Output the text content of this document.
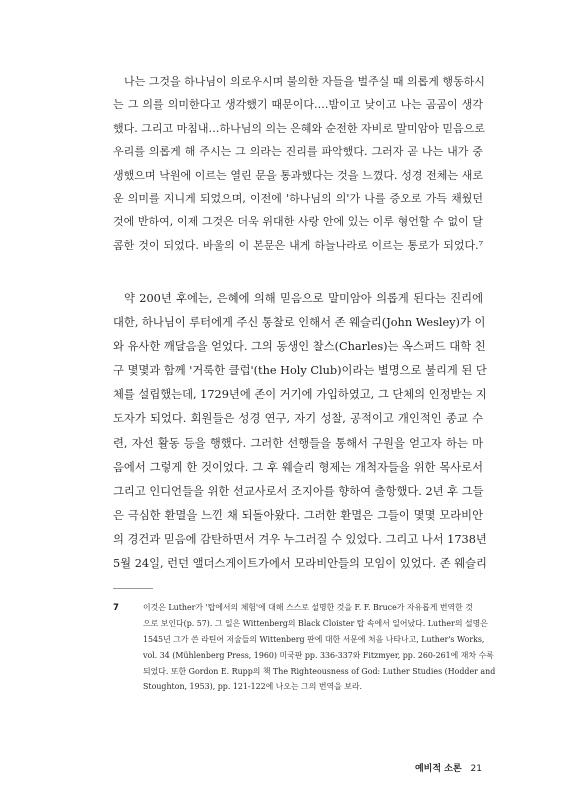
나는 그것을 하나님이 의로우시며 불의한 자들을 벌주실 때 의롭게 행동하시
는 그 의를 의미한다고 생각했기 때문이다.…밤이고 낮이고 나는 곰곰이 생각
했다. 그리고 마침내…하나님의 의는 은혜와 순전한 자비로 말미암아 믿음으로
우리를 의롭게 해 주시는 그 의라는 진리를 파악했다. 그러자 곧 나는 내가 중
생했으며 낙원에 이르는 열린 문을 통과했다는 것을 느꼈다. 성경 전체는 새로
운 의미를 지니게 되었으며, 이전에 '하나님의 의'가 나를 증오로 가득 채웠던
것에 반하여, 이제 그것은 더욱 위대한 사랑 안에 있는 이루 형언할 수 없이 달
콤한 것이 되었다. 바울의 이 본문은 내게 하늘나라로 이르는 통로가 되었다.⁷
약 200년 후에는, 은혜에 의해 믿음으로 말미암아 의롭게 된다는 진리에
대한, 하나님이 루터에게 주신 통찰로 인해서 존 웨슬리(John Wesley)가 이
와 유사한 깨달음을 얻었다. 그의 동생인 찰스(Charles)는 옥스퍼드 대학 친
구 몇몇과 함께 '거룩한 클럽'(the Holy Club)이라는 별명으로 불리게 된 단
체를 설립했는데, 1729년에 존이 거기에 가입하였고, 그 단체의 인정받는 지
도자가 되었다. 회원들은 성경 연구, 자기 성찰, 공적이고 개인적인 종교 수
련, 자선 활동 등을 행했다. 그러한 선행들을 통해서 구원을 얻고자 하는 마
음에서 그렇게 한 것이었다. 그 후 웨슬리 형제는 개척자들을 위한 목사로서
그리고 인디언들을 위한 선교사로서 조지아를 향하여 출항했다. 2년 후 그들
은 극심한 환멸을 느낀 채 되돌아왔다. 그러한 환멸은 그들이 몇몇 모라비안
의 경건과 믿음에 감탄하면서 겨우 누그러질 수 있었다. 그리고 나서 1738년
5월 24일, 런던 앨더스게이트가에서 모라비안들의 모임이 있었다. 존 웨슬리
7	이것은 Luther가 '탑에서의 체험'에 대해 스스로 설명한 것을 F. F. Bruce가 자유롭게 번역한 것
으로 보인다(p. 57). 그 일은 Wittenberg의 Black Cloister 탑 속에서 일어났다. Luther의 설명은
1545년 그가 쓴 라틴어 저술들의 Wittenberg 판에 대한 서문에 처음 나타나고, Luther's Works,
vol. 34 (Mühlenberg Press, 1960) 미국판 pp. 336-337와 Fitzmyer, pp. 260-261에 재차 수록
되었다. 또한 Gordon E. Rupp의 책 The Righteousness of God: Luther Studies (Hodder and
Stoughton, 1953), pp. 121-122에 나오는 그의 번역을 보라.
예비적 소론 21
